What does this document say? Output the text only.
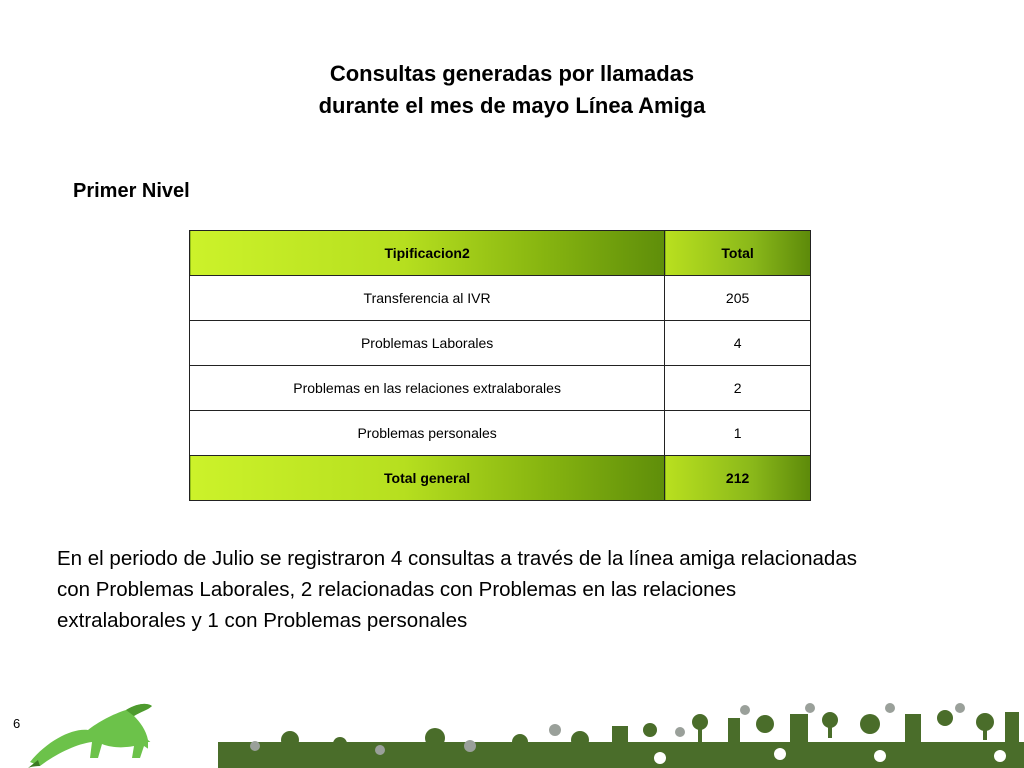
Consultas generadas por llamadas
durante el mes de mayo Línea Amiga
Primer Nivel
Tipificacion2	Total
Transferencia al IVR	205
Problemas Laborales	4
Problemas en las relaciones extralaborales	2
Problemas personales	1
Total general	212
En el periodo de Julio se registraron 4 consultas a través de la línea amiga relacionadas
con Problemas Laborales, 2 relacionadas con Problemas en las relaciones
extralaborales y 1 con Problemas personales
6
